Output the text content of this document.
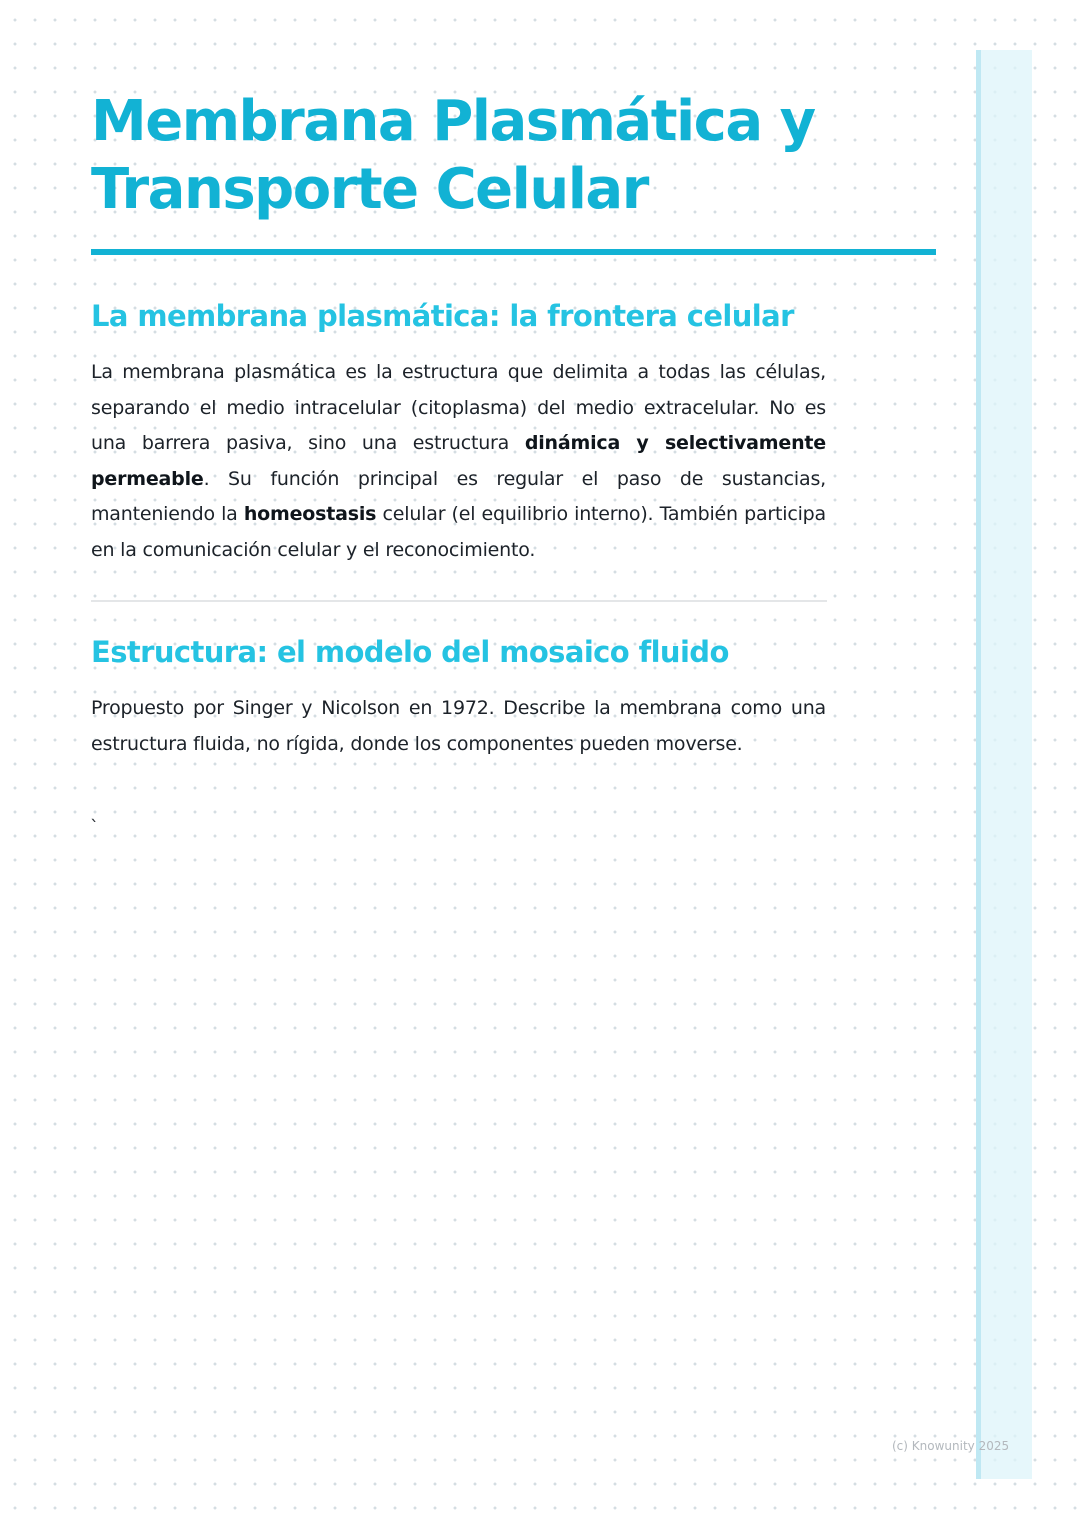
Membrana Plasmática y Transporte Celular
La membrana plasmática: la frontera celular

La membrana plasmática es la estructura que delimita a todas las células, separando el medio intracelular (citoplasma) del medio extracelular. No es una barrera pasiva, sino una estructura dinámica y selectivamente permeable. Su función principal es regular el paso de sustancias, manteniendo la homeostasis celular (el equilibrio interno). También participa en la comunicación celular y el reconocimiento.

Estructura: el modelo del mosaico fluido

Propuesto por Singer y Nicolson en 1972. Describe la membrana como una estructura fluida, no rígida, donde los componentes pueden moverse.

`
(c) Knowunity 2025
